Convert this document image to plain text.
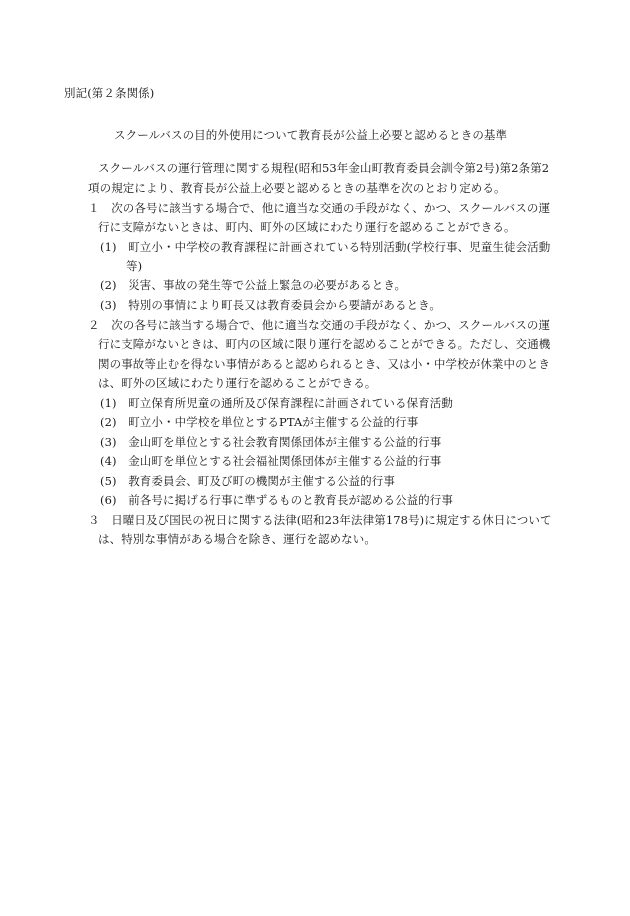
別記(第２条関係)
スクールバスの目的外使用について教育長が公益上必要と認めるときの基準
スクールバスの運行管理に関する規程(昭和53年金山町教育委員会訓令第2号)第2条第2
項の規定により、教育長が公益上必要と認めるときの基準を次のとおり定める。
１　次の各号に該当する場合で、他に適当な交通の手段がなく、かつ、スクールバスの運
行に支障がないときは、町内、町外の区域にわたり運行を認めることができる。
(1)　町立小・中学校の教育課程に計画されている特別活動(学校行事、児童生徒会活動
等)
(2)　災害、事故の発生等で公益上緊急の必要があるとき。
(3)　特別の事情により町長又は教育委員会から要請があるとき。
２　次の各号に該当する場合で、他に適当な交通の手段がなく、かつ、スクールバスの運
行に支障がないときは、町内の区域に限り運行を認めることができる。ただし、交通機
関の事故等止むを得ない事情があると認められるとき、又は小・中学校が休業中のとき
は、町外の区域にわたり運行を認めることができる。
(1)　町立保育所児童の通所及び保育課程に計画されている保育活動
(2)　町立小・中学校を単位とするPTAが主催する公益的行事
(3)　金山町を単位とする社会教育関係団体が主催する公益的行事
(4)　金山町を単位とする社会福祉関係団体が主催する公益的行事
(5)　教育委員会、町及び町の機関が主催する公益的行事
(6)　前各号に掲げる行事に準ずるものと教育長が認める公益的行事
３　日曜日及び国民の祝日に関する法律(昭和23年法律第178号)に規定する休日について
は、特別な事情がある場合を除き、運行を認めない。
